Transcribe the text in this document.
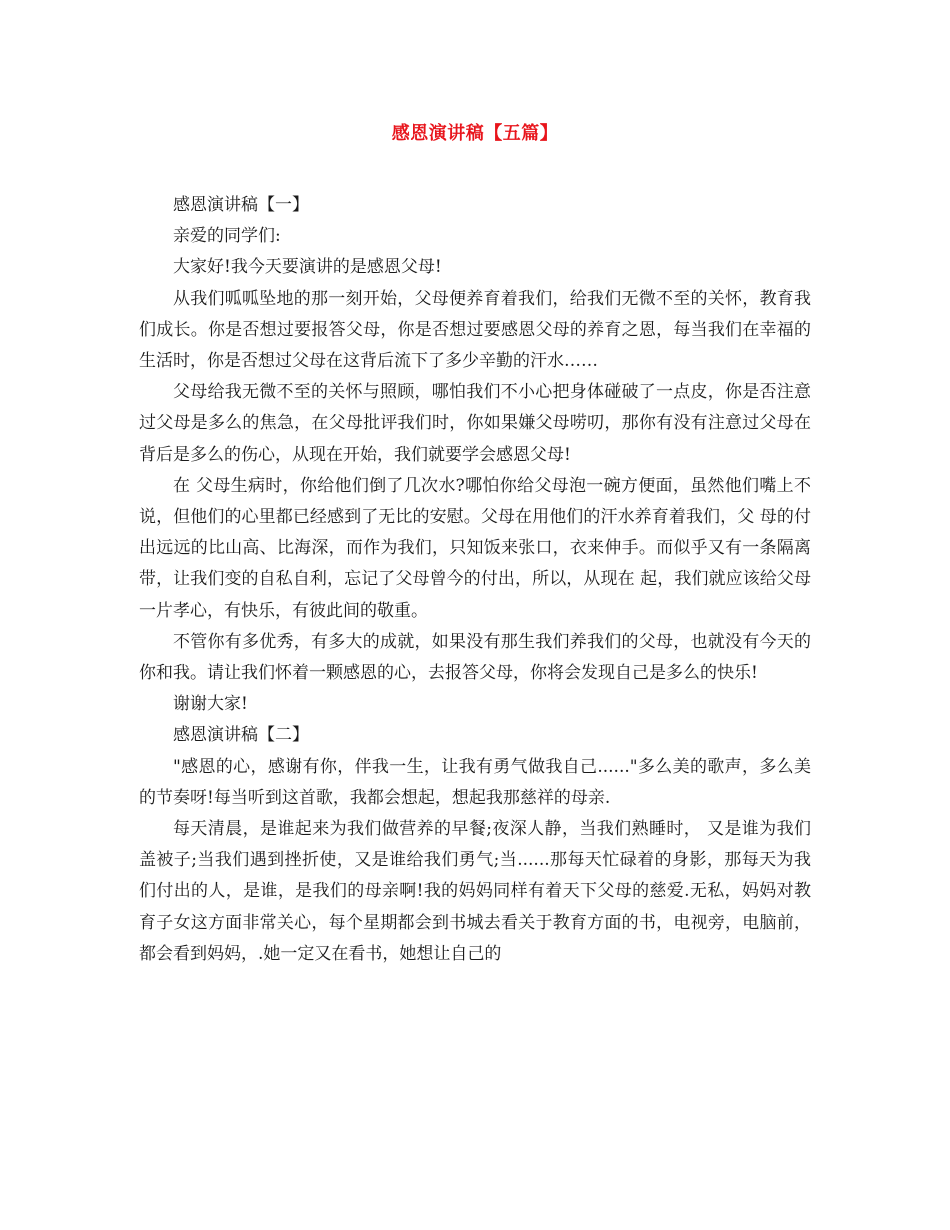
感恩演讲稿【五篇】

感恩演讲稿【一】

亲爱的同学们:

大家好!我今天要演讲的是感恩父母!

从我们呱呱坠地的那一刻开始，父母便养育着我们，给我们无微不至的关怀，教育我们成长。你是否想过要报答父母，你是否想过要感恩父母的养育之恩，每当我们在幸福的生活时，你是否想过父母在这背后流下了多少辛勤的汗水……

父母给我无微不至的关怀与照顾，哪怕我们不小心把身体碰破了一点皮，你是否注意过父母是多么的焦急，在父母批评我们时，你如果嫌父母唠叨，那你有没有注意过父母在背后是多么的伤心，从现在开始，我们就要学会感恩父母!

在 父母生病时，你给他们倒了几次水?哪怕你给父母泡一碗方便面，虽然他们嘴上不说，但他们的心里都已经感到了无比的安慰。父母在用他们的汗水养育着我们，父 母的付出远远的比山高、比海深，而作为我们，只知饭来张口，衣来伸手。而似乎又有一条隔离带，让我们变的自私自利，忘记了父母曾今的付出，所以，从现在 起，我们就应该给父母一片孝心，有快乐，有彼此间的敬重。

不管你有多优秀，有多大的成就，如果没有那生我们养我们的父母，也就没有今天的你和我。请让我们怀着一颗感恩的心，去报答父母，你将会发现自己是多么的快乐!

谢谢大家!

感恩演讲稿【二】

"感恩的心，感谢有你，伴我一生，让我有勇气做我自己......"多么美的歌声，多么美的节奏呀!每当听到这首歌，我都会想起，想起我那慈祥的母亲.

每天清晨，是谁起来为我们做营养的早餐;夜深人静，当我们熟睡时， 又是谁为我们盖被子;当我们遇到挫折使，又是谁给我们勇气;当......那每天忙碌着的身影，那每天为我们付出的人，是谁，是我们的母亲啊!我的妈妈同样有着天下父母的慈爱.无私，妈妈对教育子女这方面非常关心，每个星期都会到书城去看关于教育方面的书，电视旁，电脑前，都会看到妈妈，.她一定又在看书，她想让自己的
